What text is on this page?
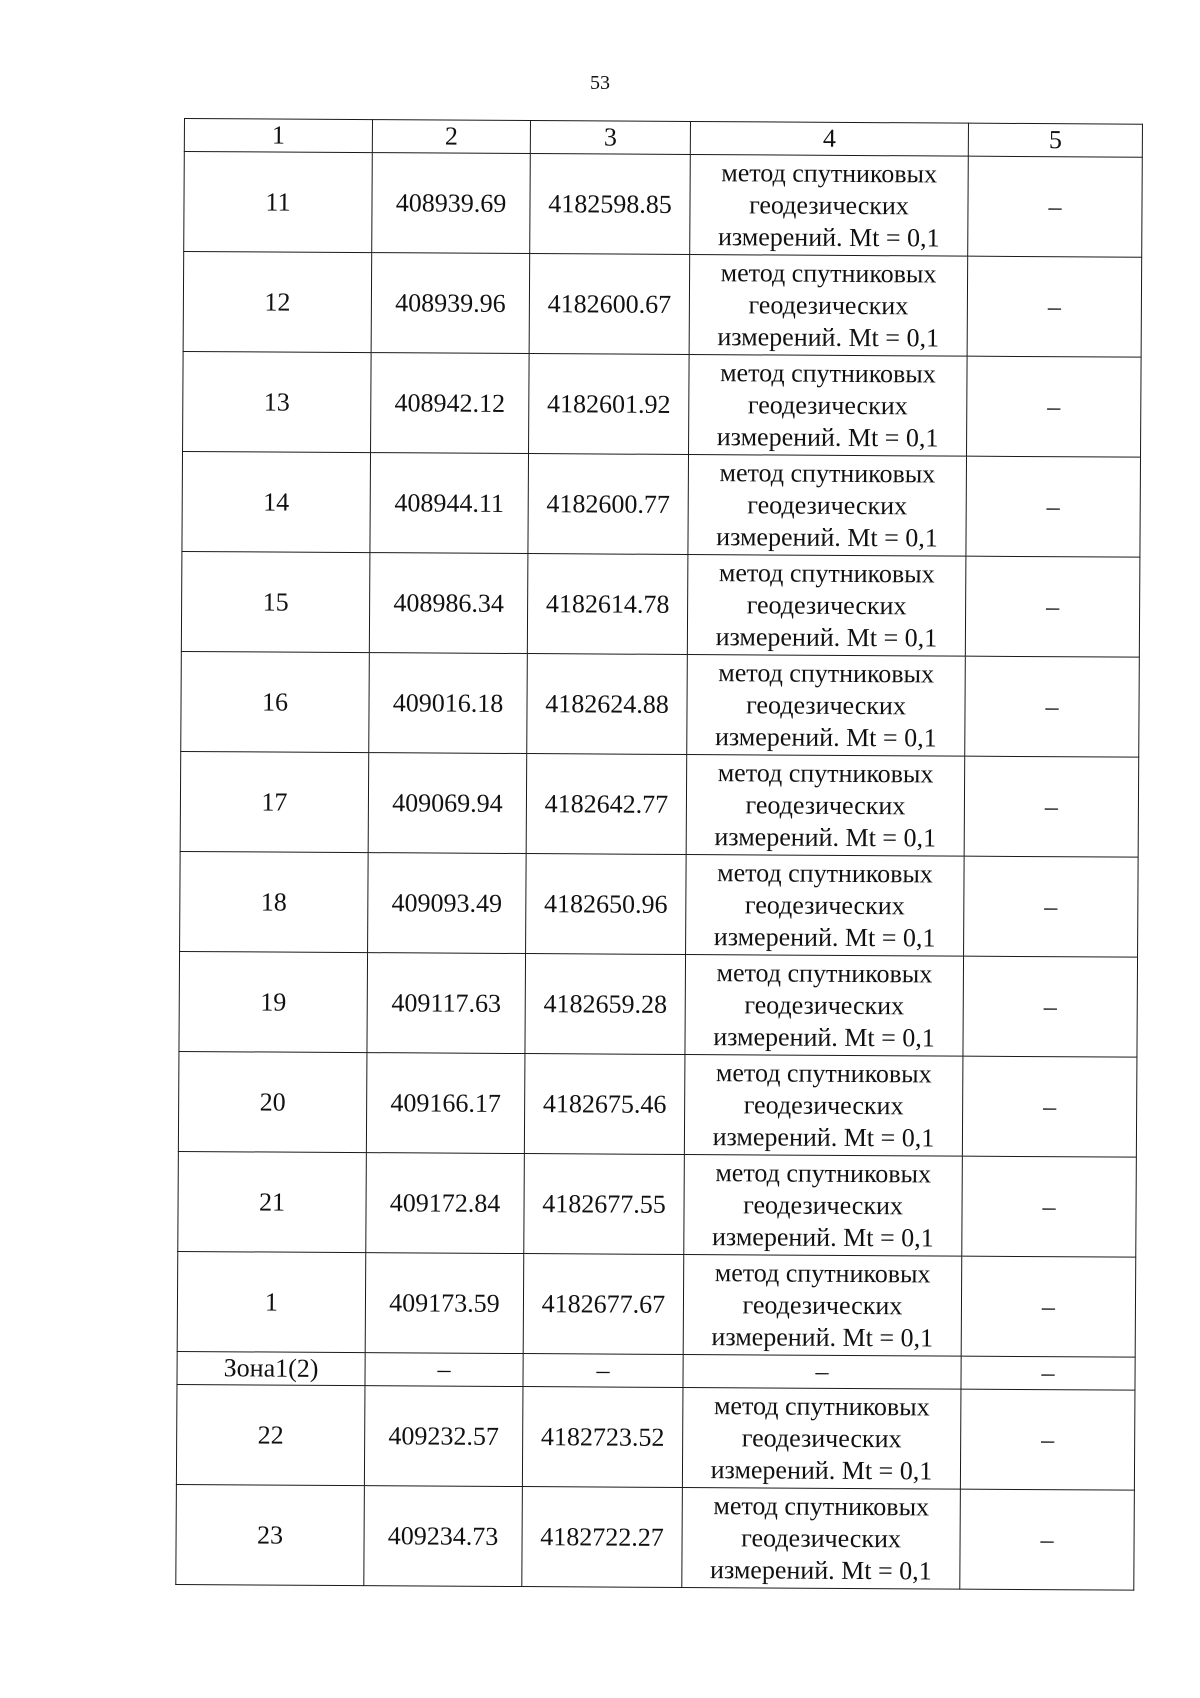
53
1	2	3	4	5
11	408939.69	4182598.85	метод спутниковых
геодезических
измерений. Mt = 0,1	–
12	408939.96	4182600.67	метод спутниковых
геодезических
измерений. Mt = 0,1	–
13	408942.12	4182601.92	метод спутниковых
геодезических
измерений. Mt = 0,1	–
14	408944.11	4182600.77	метод спутниковых
геодезических
измерений. Mt = 0,1	–
15	408986.34	4182614.78	метод спутниковых
геодезических
измерений. Mt = 0,1	–
16	409016.18	4182624.88	метод спутниковых
геодезических
измерений. Mt = 0,1	–
17	409069.94	4182642.77	метод спутниковых
геодезических
измерений. Mt = 0,1	–
18	409093.49	4182650.96	метод спутниковых
геодезических
измерений. Mt = 0,1	–
19	409117.63	4182659.28	метод спутниковых
геодезических
измерений. Mt = 0,1	–
20	409166.17	4182675.46	метод спутниковых
геодезических
измерений. Mt = 0,1	–
21	409172.84	4182677.55	метод спутниковых
геодезических
измерений. Mt = 0,1	–
1	409173.59	4182677.67	метод спутниковых
геодезических
измерений. Mt = 0,1	–
Зона1(2)	–	–	–	–
22	409232.57	4182723.52	метод спутниковых
геодезических
измерений. Mt = 0,1	–
23	409234.73	4182722.27	метод спутниковых
геодезических
измерений. Mt = 0,1	–
